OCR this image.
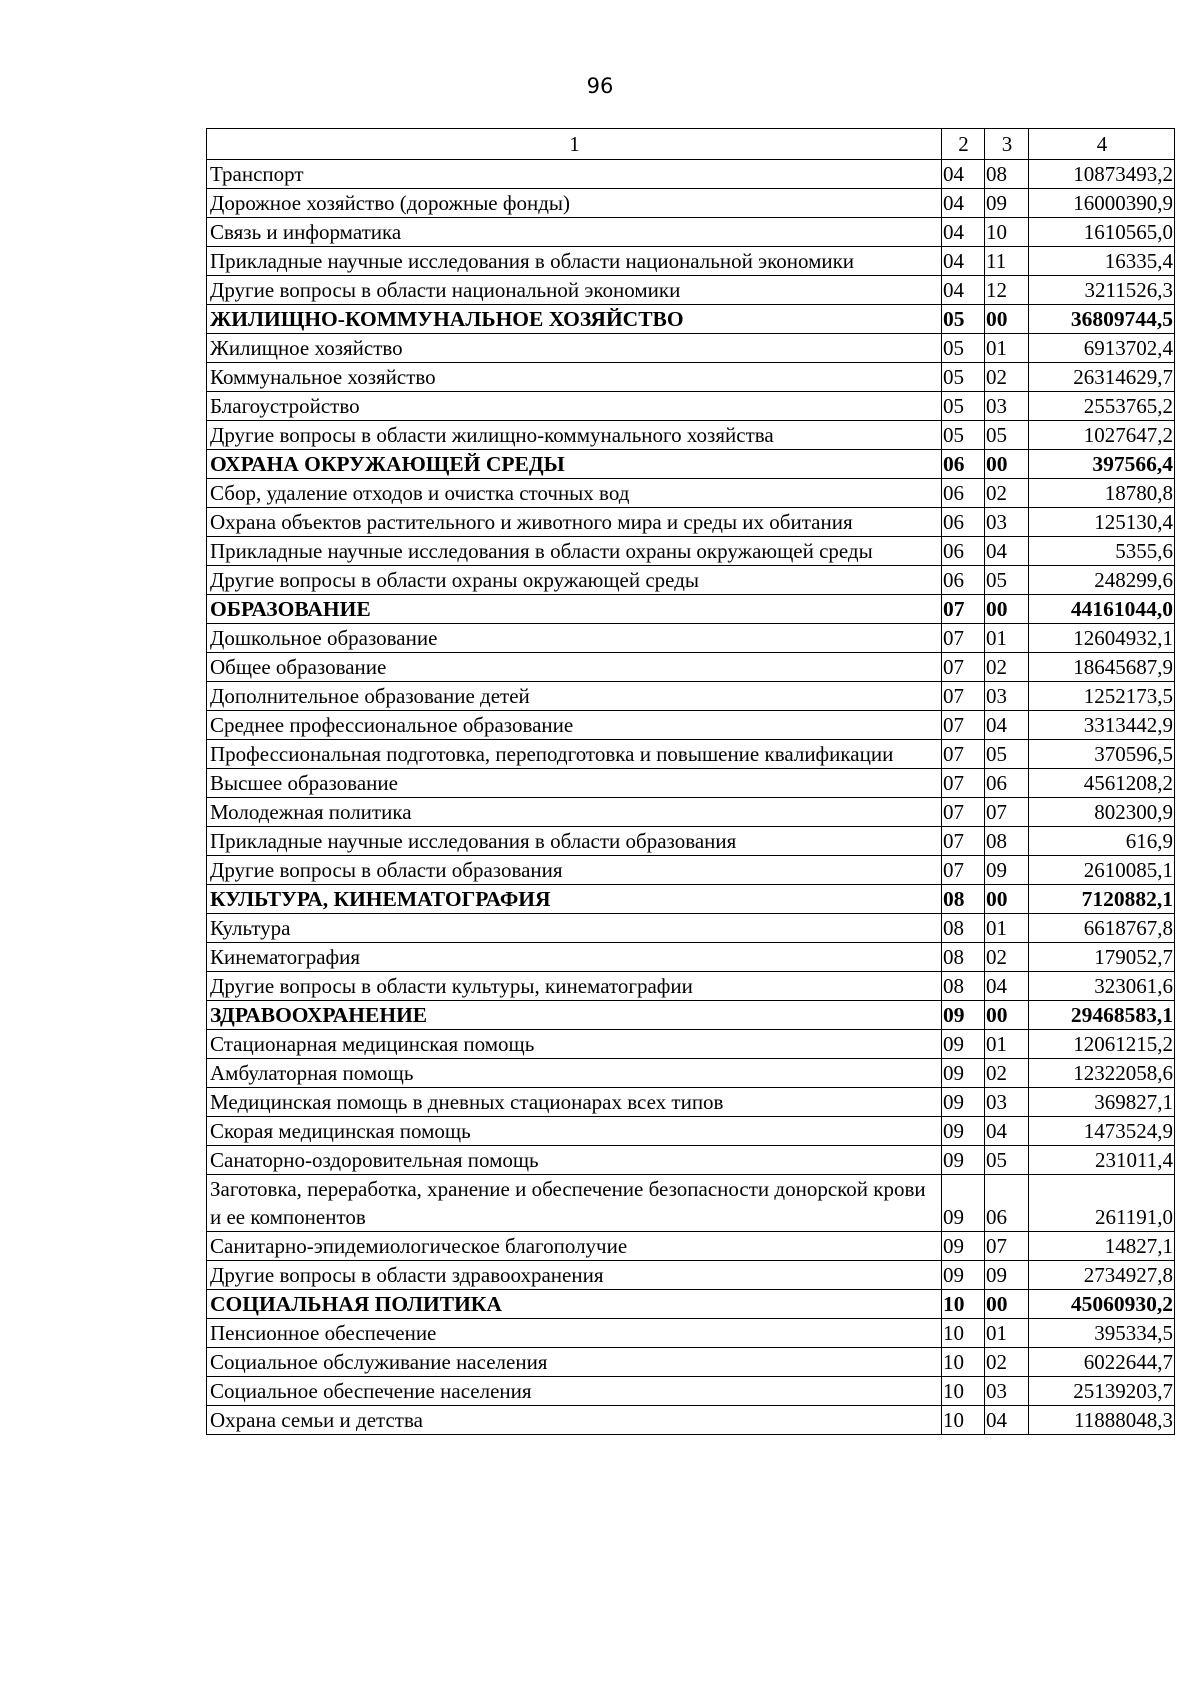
96
1	2	3	4
Транспорт	04	08	10873493,2
Дорожное хозяйство (дорожные фонды)	04	09	16000390,9
Связь и информатика	04	10	1610565,0
Прикладные научные исследования в области национальной экономики	04	11	16335,4
Другие вопросы в области национальной экономики	04	12	3211526,3
ЖИЛИЩНО-КОММУНАЛЬНОЕ ХОЗЯЙСТВО	05	00	36809744,5
Жилищное хозяйство	05	01	6913702,4
Коммунальное хозяйство	05	02	26314629,7
Благоустройство	05	03	2553765,2
Другие вопросы в области жилищно-коммунального хозяйства	05	05	1027647,2
ОХРАНА ОКРУЖАЮЩЕЙ СРЕДЫ	06	00	397566,4
Сбор, удаление отходов и очистка сточных вод	06	02	18780,8
Охрана объектов растительного и животного мира и среды их обитания	06	03	125130,4
Прикладные научные исследования в области охраны окружающей среды	06	04	5355,6
Другие вопросы в области охраны окружающей среды	06	05	248299,6
ОБРАЗОВАНИЕ	07	00	44161044,0
Дошкольное образование	07	01	12604932,1
Общее образование	07	02	18645687,9
Дополнительное образование детей	07	03	1252173,5
Среднее профессиональное образование	07	04	3313442,9
Профессиональная подготовка, переподготовка и повышение квалификации	07	05	370596,5
Высшее образование	07	06	4561208,2
Молодежная политика	07	07	802300,9
Прикладные научные исследования в области образования	07	08	616,9
Другие вопросы в области образования	07	09	2610085,1
КУЛЬТУРА, КИНЕМАТОГРАФИЯ	08	00	7120882,1
Культура	08	01	6618767,8
Кинематография	08	02	179052,7
Другие вопросы в области культуры, кинематографии	08	04	323061,6
ЗДРАВООХРАНЕНИЕ	09	00	29468583,1
Стационарная медицинская помощь	09	01	12061215,2
Амбулаторная помощь	09	02	12322058,6
Медицинская помощь в дневных стационарах всех типов	09	03	369827,1
Скорая медицинская помощь	09	04	1473524,9
Санаторно-оздоровительная помощь	09	05	231011,4
Заготовка, переработка, хранение и обеспечение безопасности донорской крови и ее компонентов	09	06	261191,0
Санитарно-эпидемиологическое благополучие	09	07	14827,1
Другие вопросы в области здравоохранения	09	09	2734927,8
СОЦИАЛЬНАЯ ПОЛИТИКА	10	00	45060930,2
Пенсионное обеспечение	10	01	395334,5
Социальное обслуживание населения	10	02	6022644,7
Социальное обеспечение населения	10	03	25139203,7
Охрана семьи и детства	10	04	11888048,3
